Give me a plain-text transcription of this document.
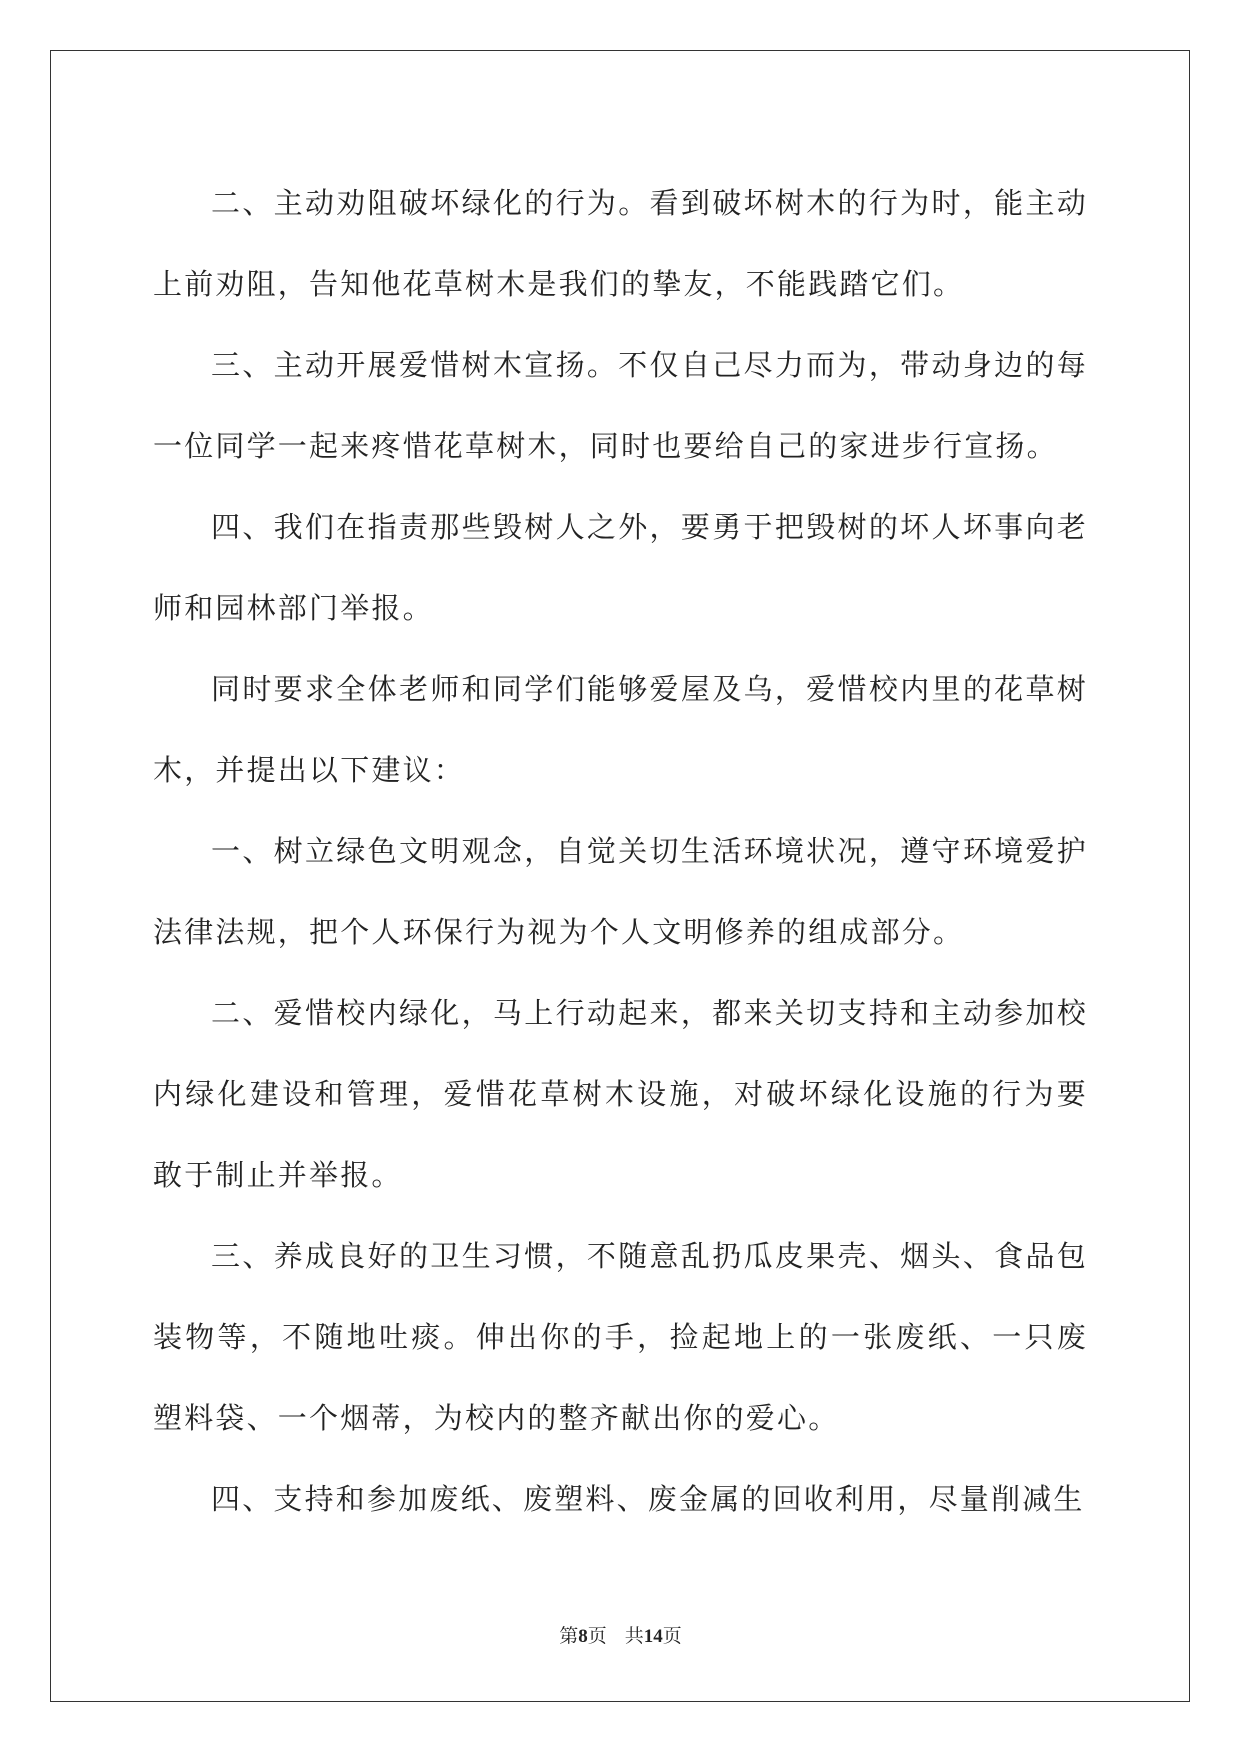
二、主动劝阻破坏绿化的行为。看到破坏树木的行为时，能主动上前劝阻，告知他花草树木是我们的挚友，不能践踏它们。

三、主动开展爱惜树木宣扬。不仅自己尽力而为，带动身边的每一位同学一起来疼惜花草树木，同时也要给自己的家进步行宣扬。

四、我们在指责那些毁树人之外，要勇于把毁树的坏人坏事向老师和园林部门举报。

同时要求全体老师和同学们能够爱屋及乌，爱惜校内里的花草树木，并提出以下建议：

一、树立绿色文明观念，自觉关切生活环境状况，遵守环境爱护法律法规，把个人环保行为视为个人文明修养的组成部分。

二、爱惜校内绿化，马上行动起来，都来关切支持和主动参加校内绿化建设和管理，爱惜花草树木设施，对破坏绿化设施的行为要敢于制止并举报。

三、养成良好的卫生习惯，不随意乱扔瓜皮果壳、烟头、食品包装物等，不随地吐痰。伸出你的手，捡起地上的一张废纸、一只废塑料袋、一个烟蒂，为校内的整齐献出你的爱心。

四、支持和参加废纸、废塑料、废金属的回收利用，尽量削减生

第8页 共14页
